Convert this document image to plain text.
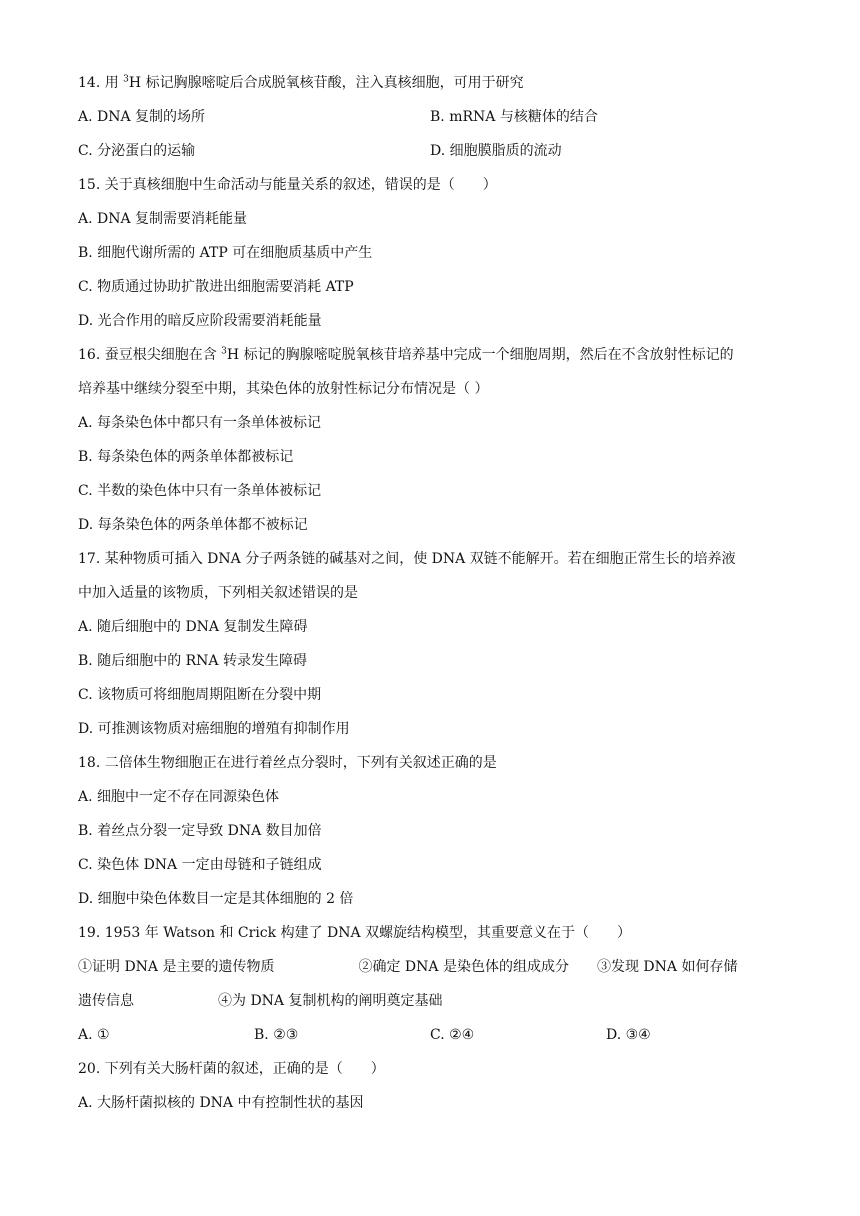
14. 用 $^3$H 标记胸腺嘧啶后合成脱氧核苷酸，注入真核细胞，可用于研究
A. DNA 复制的场所	B. mRNA 与核糖体的结合
C. 分泌蛋白的运输	D. 细胞膜脂质的流动
15. 关于真核细胞中生命活动与能量关系的叙述，错误的是（　　）
A. DNA 复制需要消耗能量
B. 细胞代谢所需的 ATP 可在细胞质基质中产生
C. 物质通过协助扩散进出细胞需要消耗 ATP
D. 光合作用的暗反应阶段需要消耗能量
16. 蚕豆根尖细胞在含 $^3$H 标记的胸腺嘧啶脱氧核苷培养基中完成一个细胞周期，然后在不含放射性标记的
培养基中继续分裂至中期，其染色体的放射性标记分布情况是（ ）
A. 每条染色体中都只有一条单体被标记
B. 每条染色体的两条单体都被标记
C. 半数的染色体中只有一条单体被标记
D. 每条染色体的两条单体都不被标记
17. 某种物质可插入 DNA 分子两条链的碱基对之间，使 DNA 双链不能解开。若在细胞正常生长的培养液
中加入适量的该物质，下列相关叙述错误的是
A. 随后细胞中的 DNA 复制发生障碍
B. 随后细胞中的 RNA 转录发生障碍
C. 该物质可将细胞周期阻断在分裂中期
D. 可推测该物质对癌细胞的增殖有抑制作用
18. 二倍体生物细胞正在进行着丝点分裂时，下列有关叙述正确的是
A. 细胞中一定不存在同源染色体
B. 着丝点分裂一定导致 DNA 数目加倍
C. 染色体 DNA 一定由母链和子链组成
D. 细胞中染色体数目一定是其体细胞的 2 倍
19. 1953 年 Watson 和 Crick 构建了 DNA 双螺旋结构模型，其重要意义在于（　　）
①证明 DNA 是主要的遗传物质　　　　　　②确定 DNA 是染色体的组成成分　　③发现 DNA 如何存储
遗传信息　　　　　　④为 DNA 复制机构的阐明奠定基础
A. ①	B. ②③	C. ②④	D. ③④
20. 下列有关大肠杆菌的叙述，正确的是（　　）
A. 大肠杆菌拟核的 DNA 中有控制性状的基因
